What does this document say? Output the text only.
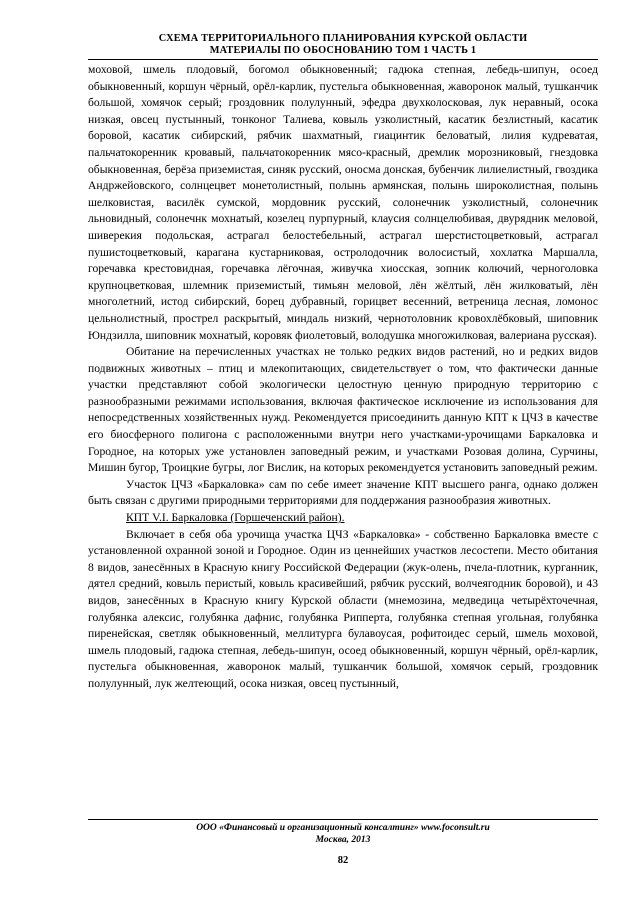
СХЕМА ТЕРРИТОРИАЛЬНОГО ПЛАНИРОВАНИЯ КУРСКОЙ ОБЛАСТИ
МАТЕРИАЛЫ ПО ОБОСНОВАНИЮ ТОМ 1 ЧАСТЬ 1

моховой, шмель плодовый, богомол обыкновенный; гадюка степная, лебедь-шипун, осоед обыкновенный, коршун чёрный, орёл-карлик, пустельга обыкновенная, жаворонок малый, тушканчик большой, хомячок серый; гроздовник полулунный, эфедра двухколосковая, лук неравный, осока низкая, овсец пустынный, тонконог Талиева, ковыль узколистный, касатик безлистный, касатик боровой, касатик сибирский, рябчик шахматный, гиацинтик беловатый, лилия кудреватая, пальчатокоренник кровавый, пальчатокоренник мясо-красный, дремлик морозниковый, гнездовка обыкновенная, берёза приземистая, синяк русский, оносма донская, бубенчик лилиелистный, гвоздика Андржейовского, солнцецвет монетолистный, полынь армянская, полынь широколистная, полынь шелковистая, василёк сумской, мордовник русский, солонечник узколистный, солонечник льновидный, солонечнк мохнатый, козелец пурпурный, клаусия солнцелюбивая, двурядник меловой, шиверекия подольская, астрагал белостебельный, астрагал шерстистоцветковый, астрагал пушистоцветковый, карагана кустарниковая, остролодочник волосистый, хохлатка Маршалла, горечавка крестовидная, горечавка лёгочная, живучка хиосская, зопник колючий, черноголовка крупноцветковая, шлемник приземистый, тимьян меловой, лён жёлтый, лён жилковатый, лён многолетний, истод сибирский, борец дубравный, горицвет весенний, ветреница лесная, ломонос цельнолистный, прострел раскрытый, миндаль низкий, чернотоловник кровохлёбковый, шиповник Юндзилла, шиповник мохнатый, коровяк фиолетовый, володушка многожилковая, валериана русская).

Обитание на перечисленных участках не только редких видов растений, но и редких видов подвижных животных – птиц и млекопитающих, свидетельствует о том, что фактически данные участки представляют собой экологически целостную ценную природную территорию с разнообразными режимами использования, включая фактическое исключение из использования для непосредственных хозяйственных нужд. Рекомендуется присоединить данную КПТ к ЦЧЗ в качестве его биосферного полигона с расположенными внутри него участками-урочищами Баркаловка и Городное, на которых уже установлен заповедный режим, и участками Розовая долина, Сурчины, Мишин бугор, Троицкие бугры, лог Вислик, на которых рекомендуется установить заповедный режим.

Участок ЦЧЗ «Баркаловка» сам по себе имеет значение КПТ высшего ранга, однако должен быть связан с другими природными территориями для поддержания разнообразия животных.

КПТ V.I. Баркаловка (Горшеченский район).

Включает в себя оба урочища участка ЦЧЗ «Баркаловка» - собственно Баркаловка вместе с установленной охранной зоной и Городное. Один из ценнейших участков лесостепи. Место обитания 8 видов, занесённых в Красную книгу Российской Федерации (жук-олень, пчела-плотник, курганник, дятел средний, ковыль перистый, ковыль красивейший, рябчик русский, волчеягодник боровой), и 43 видов, занесённых в Красную книгу Курской области (мнемозина, медведица четырёхточечная, голубянка алексис, голубянка дафнис, голубянка Рипперта, голубянка степная угольная, голубянка пиренейская, светляк обыкновенный, меллитурга булавоусая, рофитоидес серый, шмель моховой, шмель плодовый, гадюка степная, лебедь-шипун, осоед обыкновенный, коршун чёрный, орёл-карлик, пустельга обыкновенная, жаворонок малый, тушканчик большой, хомячок серый, гроздовник полулунный, лук желтеющий, осока низкая, овсец пустынный,

ООО «Финансовый и организационный консалтинг» www.foconsult.ru
Москва, 2013
82
